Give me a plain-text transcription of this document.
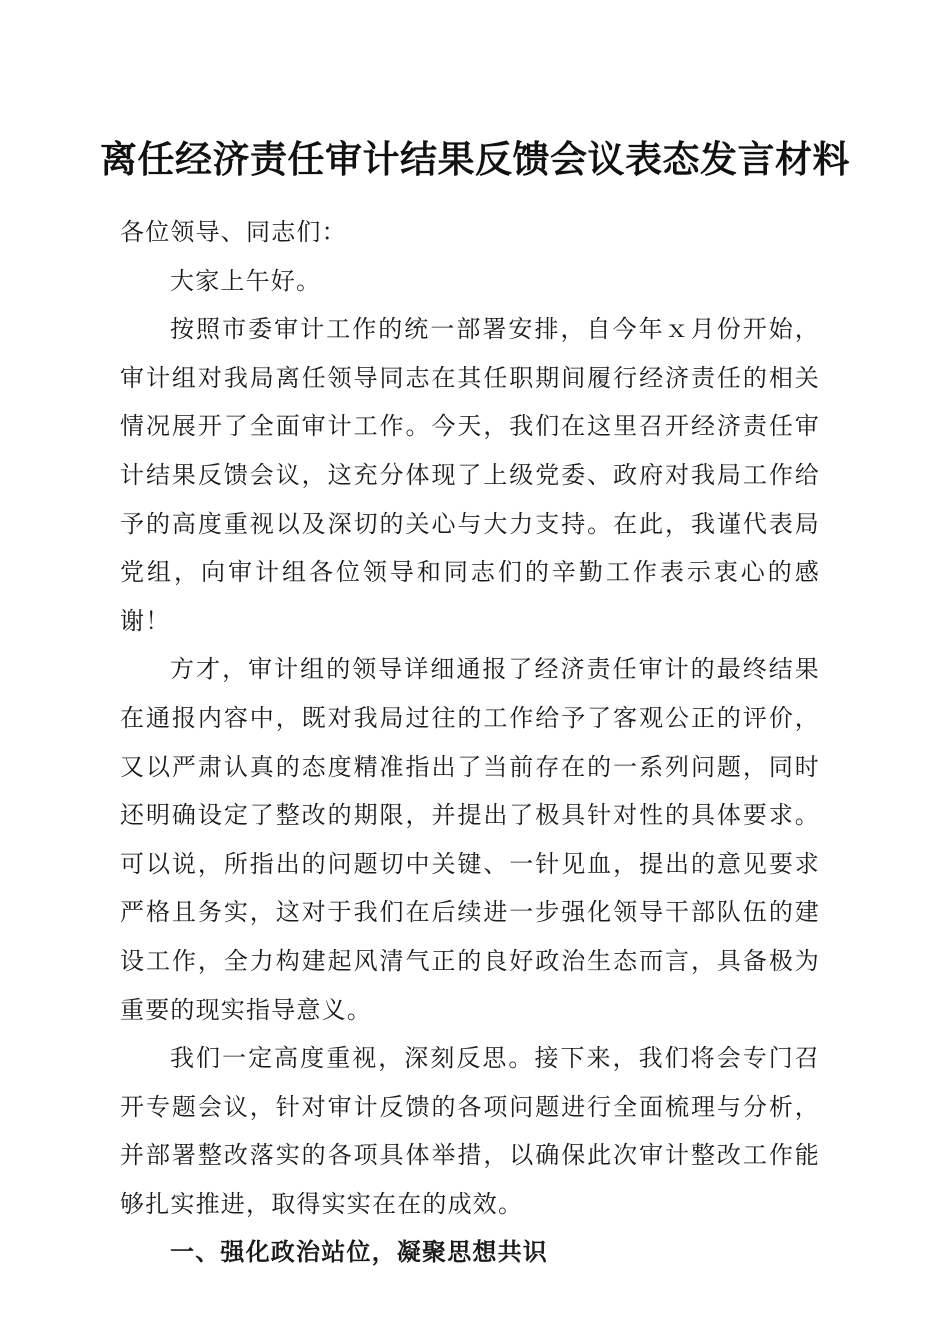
离任经济责任审计结果反馈会议表态发言材料

各位领导、同志们：

大家上午好。

按照市委审计工作的统一部署安排，自今年ｘ月份开始，审计组对我局离任领导同志在其任职期间履行经济责任的相关情况展开了全面审计工作。今天，我们在这里召开经济责任审计结果反馈会议，这充分体现了上级党委、政府对我局工作给予的高度重视以及深切的关心与大力支持。在此，我谨代表局党组，向审计组各位领导和同志们的辛勤工作表示衷心的感谢！

方才，审计组的领导详细通报了经济责任审计的最终结果在通报内容中，既对我局过往的工作给予了客观公正的评价，又以严肃认真的态度精准指出了当前存在的一系列问题，同时还明确设定了整改的期限，并提出了极具针对性的具体要求。可以说，所指出的问题切中关键、一针见血，提出的意见要求严格且务实，这对于我们在后续进一步强化领导干部队伍的建设工作，全力构建起风清气正的良好政治生态而言，具备极为重要的现实指导意义。

我们一定高度重视，深刻反思。接下来，我们将会专门召开专题会议，针对审计反馈的各项问题进行全面梳理与分析，并部署整改落实的各项具体举措，以确保此次审计整改工作能够扎实推进，取得实实在在的成效。

一、强化政治站位，凝聚思想共识
